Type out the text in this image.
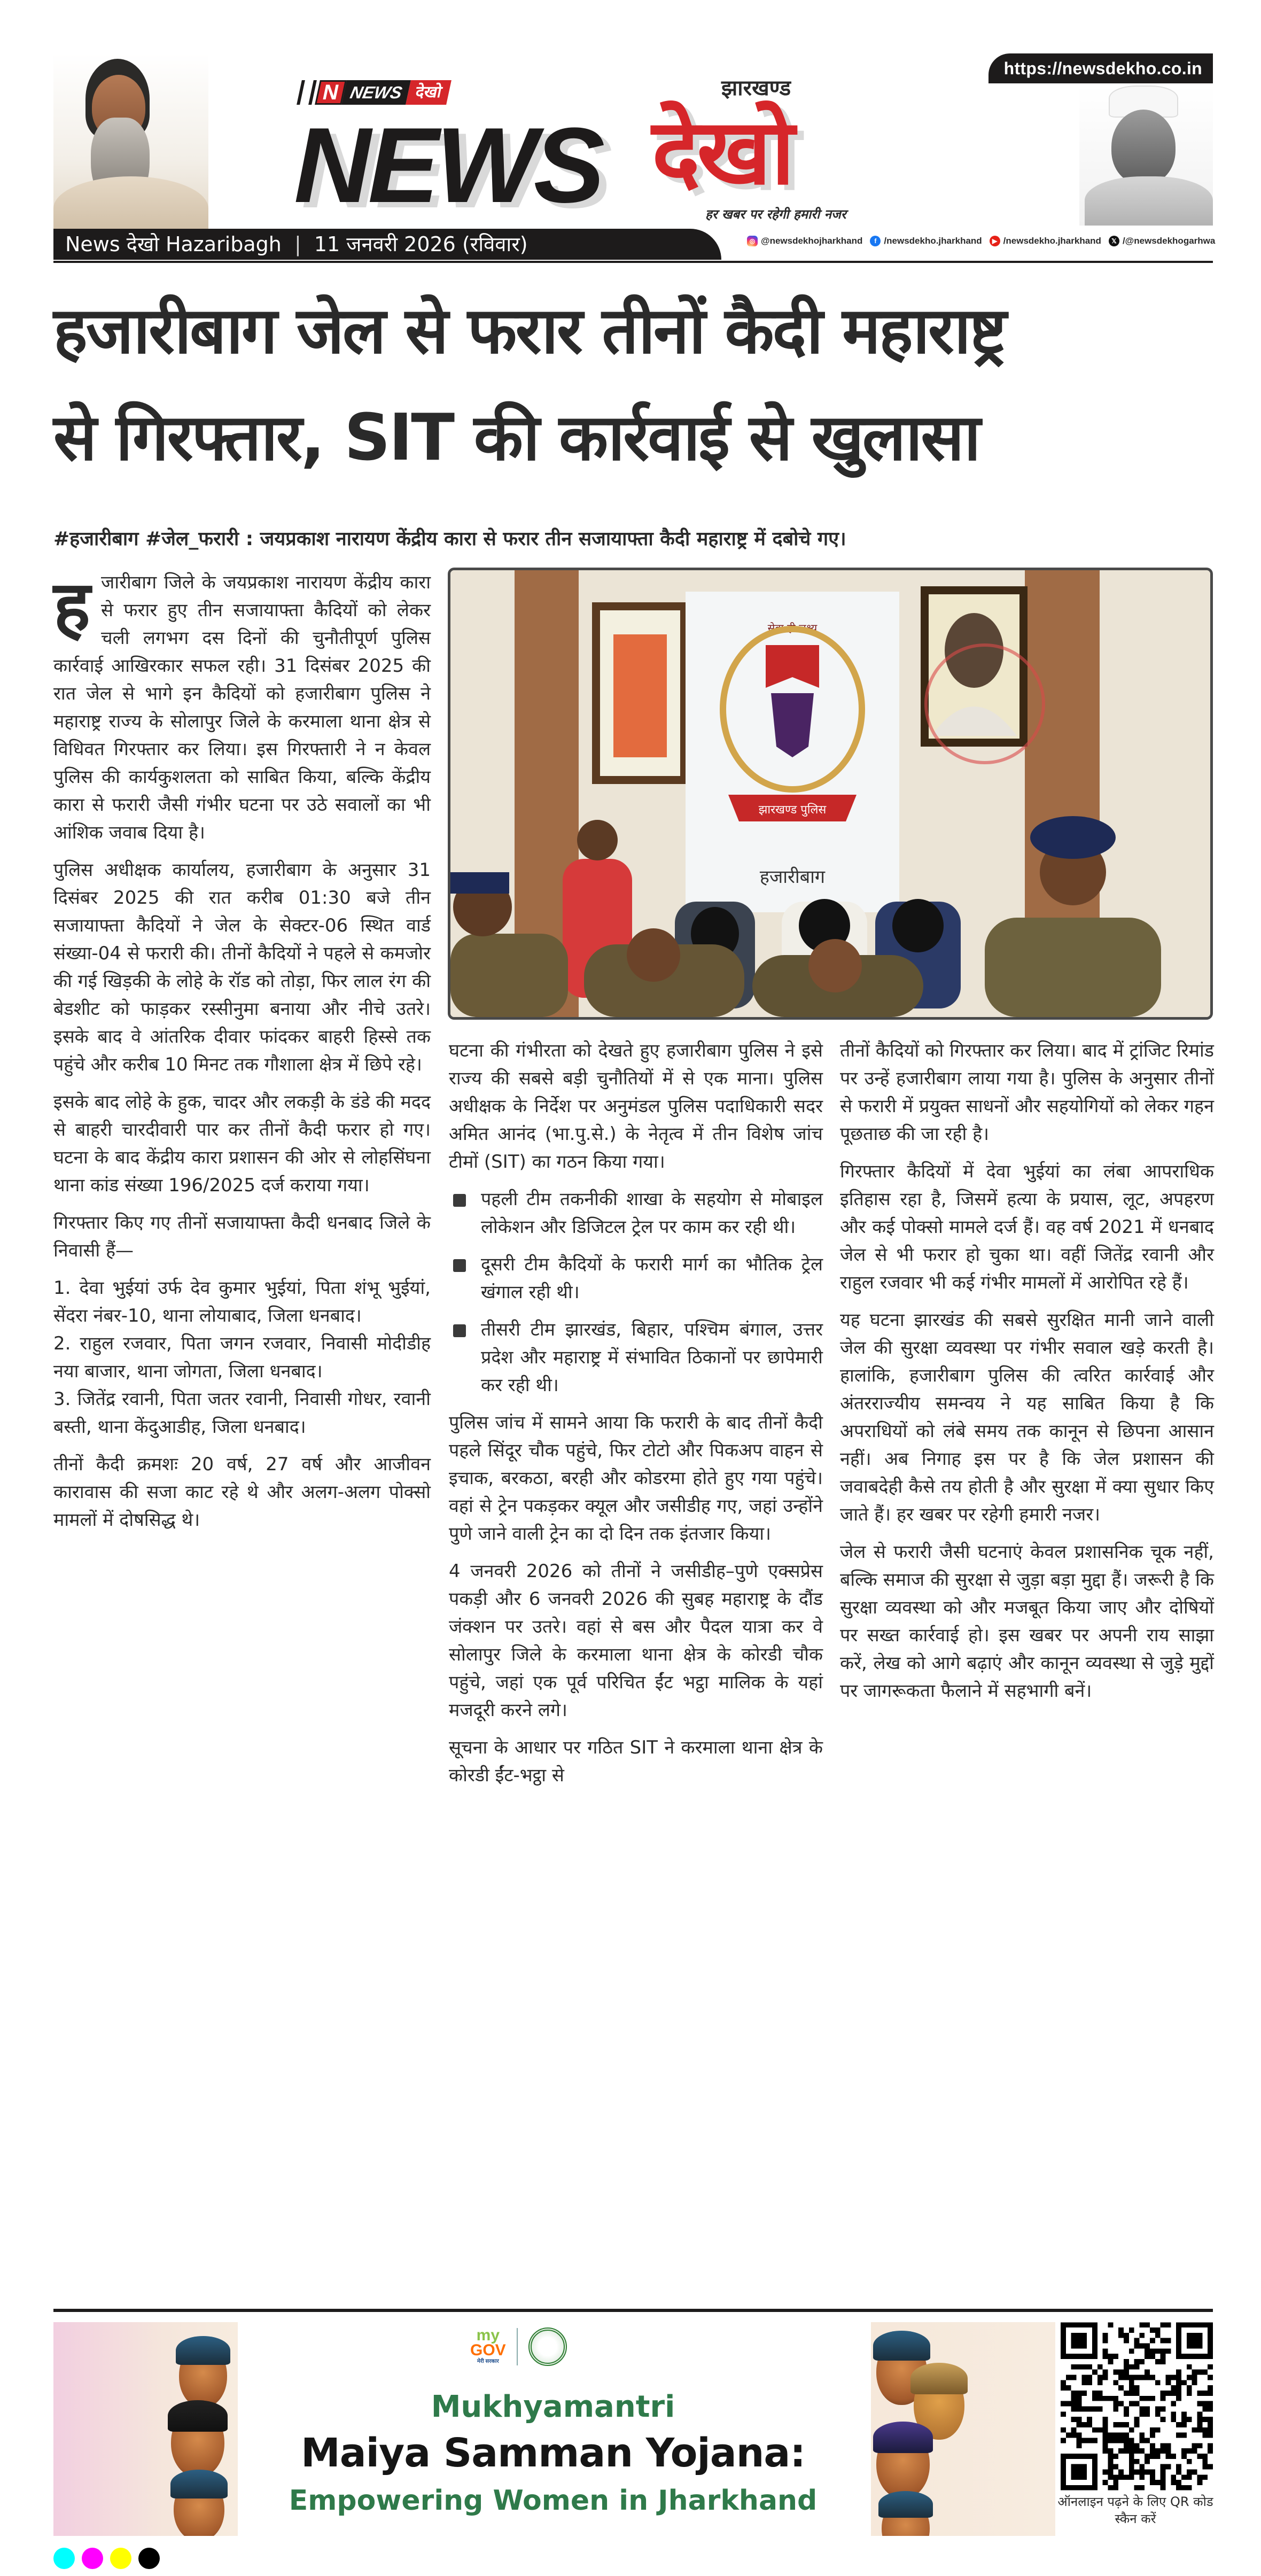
N NEWS देखो
NEWS देखो
झारखण्ड
हर खबर पर रहेगी हमारी नजर
https://newsdekho.co.in
News देखो Hazaribagh | 11 जनवरी 2026 (रविवार)	◎ @newsdekhojharkhand	f /newsdekho.jharkhand	▶ /newsdekho.jharkhand	𝕏 /@newsdekhogarhwa
हजारीबाग जेल से फरार तीनों कैदी महाराष्ट्र
से गिरफ्तार, SIT की कार्रवाई से खुलासा
#हजारीबाग #जेल_फरारी : जयप्रकाश नारायण केंद्रीय कारा से फरार तीन सजायाफ्ता कैदी महाराष्ट्र में दबोचे गए।

हजारीबाग जिले के जयप्रकाश नारायण केंद्रीय कारा से फरार हुए तीन सजायाफ्ता कैदियों को लेकर चली लगभग दस दिनों की चुनौतीपूर्ण पुलिस कार्रवाई आखिरकार सफल रही। 31 दिसंबर 2025 की रात जेल से भागे इन कैदियों को हजारीबाग पुलिस ने महाराष्ट्र राज्य के सोलापुर जिले के करमाला थाना क्षेत्र से विधिवत गिरफ्तार कर लिया। इस गिरफ्तारी ने न केवल पुलिस की कार्यकुशलता को साबित किया, बल्कि केंद्रीय कारा से फरारी जैसी गंभीर घटना पर उठे सवालों का भी आंशिक जवाब दिया है।

पुलिस अधीक्षक कार्यालय, हजारीबाग के अनुसार 31 दिसंबर 2025 की रात करीब 01:30 बजे तीन सजायाफ्ता कैदियों ने जेल के सेक्टर-06 स्थित वार्ड संख्या-04 से फरारी की। तीनों कैदियों ने पहले से कमजोर की गई खिड़की के लोहे के रॉड को तोड़ा, फिर लाल रंग की बेडशीट को फाड़कर रस्सीनुमा बनाया और नीचे उतरे। इसके बाद वे आंतरिक दीवार फांदकर बाहरी हिस्से तक पहुंचे और करीब 10 मिनट तक गौशाला क्षेत्र में छिपे रहे।

इसके बाद लोहे के हुक, चादर और लकड़ी के डंडे की मदद से बाहरी चारदीवारी पार कर तीनों कैदी फरार हो गए। घटना के बाद केंद्रीय कारा प्रशासन की ओर से लोहसिंघना थाना कांड संख्या 196/2025 दर्ज कराया गया।

गिरफ्तार किए गए तीनों सजायाफ्ता कैदी धनबाद जिले के निवासी हैं—

1. देवा भुईयां उर्फ देव कुमार भुईयां, पिता शंभू भुईयां, सेंदरा नंबर-10, थाना लोयाबाद, जिला धनबाद।

2. राहुल रजवार, पिता जगन रजवार, निवासी मोदीडीह नया बाजार, थाना जोगता, जिला धनबाद।

3. जितेंद्र रवानी, पिता जतर रवानी, निवासी गोधर, रवानी बस्ती, थाना केंदुआडीह, जिला धनबाद।

तीनों कैदी क्रमशः 20 वर्ष, 27 वर्ष और आजीवन कारावास की सजा काट रहे थे और अलग-अलग पोक्सो मामलों में दोषसिद्ध थे।

सेवा ही लक्ष्य
झारखण्ड पुलिस
हजारीबाग

घटना की गंभीरता को देखते हुए हजारीबाग पुलिस ने इसे राज्य की सबसे बड़ी चुनौतियों में से एक माना। पुलिस अधीक्षक के निर्देश पर अनुमंडल पुलिस पदाधिकारी सदर अमित आनंद (भा.पु.से.) के नेतृत्व में तीन विशेष जांच टीमों (SIT) का गठन किया गया।

पहली टीम तकनीकी शाखा के सहयोग से मोबाइल लोकेशन और डिजिटल ट्रेल पर काम कर रही थी।
दूसरी टीम कैदियों के फरारी मार्ग का भौतिक ट्रेल खंगाल रही थी।
तीसरी टीम झारखंड, बिहार, पश्चिम बंगाल, उत्तर प्रदेश और महाराष्ट्र में संभावित ठिकानों पर छापेमारी कर रही थी।

पुलिस जांच में सामने आया कि फरारी के बाद तीनों कैदी पहले सिंदूर चौक पहुंचे, फिर टोटो और पिकअप वाहन से इचाक, बरकठा, बरही और कोडरमा होते हुए गया पहुंचे। वहां से ट्रेन पकड़कर क्यूल और जसीडीह गए, जहां उन्होंने पुणे जाने वाली ट्रेन का दो दिन तक इंतजार किया।

4 जनवरी 2026 को तीनों ने जसीडीह–पुणे एक्सप्रेस पकड़ी और 6 जनवरी 2026 की सुबह महाराष्ट्र के दौंड जंक्शन पर उतरे। वहां से बस और पैदल यात्रा कर वे सोलापुर जिले के करमाला थाना क्षेत्र के कोरडी चौक पहुंचे, जहां एक पूर्व परिचित ईंट भट्ठा मालिक के यहां मजदूरी करने लगे।

सूचना के आधार पर गठित SIT ने करमाला थाना क्षेत्र के कोरडी ईंट-भट्ठा से

तीनों कैदियों को गिरफ्तार कर लिया। बाद में ट्रांजिट रिमांड पर उन्हें हजारीबाग लाया गया है। पुलिस के अनुसार तीनों से फरारी में प्रयुक्त साधनों और सहयोगियों को लेकर गहन पूछताछ की जा रही है।

गिरफ्तार कैदियों में देवा भुईयां का लंबा आपराधिक इतिहास रहा है, जिसमें हत्या के प्रयास, लूट, अपहरण और कई पोक्सो मामले दर्ज हैं। वह वर्ष 2021 में धनबाद जेल से भी फरार हो चुका था। वहीं जितेंद्र रवानी और राहुल रजवार भी कई गंभीर मामलों में आरोपित रहे हैं।

यह घटना झारखंड की सबसे सुरक्षित मानी जाने वाली जेल की सुरक्षा व्यवस्था पर गंभीर सवाल खड़े करती है। हालांकि, हजारीबाग पुलिस की त्वरित कार्रवाई और अंतरराज्यीय समन्वय ने यह साबित किया है कि अपराधियों को लंबे समय तक कानून से छिपना आसान नहीं। अब निगाह इस पर है कि जेल प्रशासन की जवाबदेही कैसे तय होती है और सुरक्षा में क्या सुधार किए जाते हैं। हर खबर पर रहेगी हमारी नजर।

जेल से फरारी जैसी घटनाएं केवल प्रशासनिक चूक नहीं, बल्कि समाज की सुरक्षा से जुड़ा बड़ा मुद्दा हैं। जरूरी है कि सुरक्षा व्यवस्था को और मजबूत किया जाए और दोषियों पर सख्त कार्रवाई हो। इस खबर पर अपनी राय साझा करें, लेख को आगे बढ़ाएं और कानून व्यवस्था से जुड़े मुद्दों पर जागरूकता फैलाने में सहभागी बनें।

my
GOV
मेरी सरकार
Mukhyamantri
Maiya Samman Yojana:
Empowering Women in Jharkhand	ऑनलाइन पढ़ने के लिए QR कोड स्कैन करें
